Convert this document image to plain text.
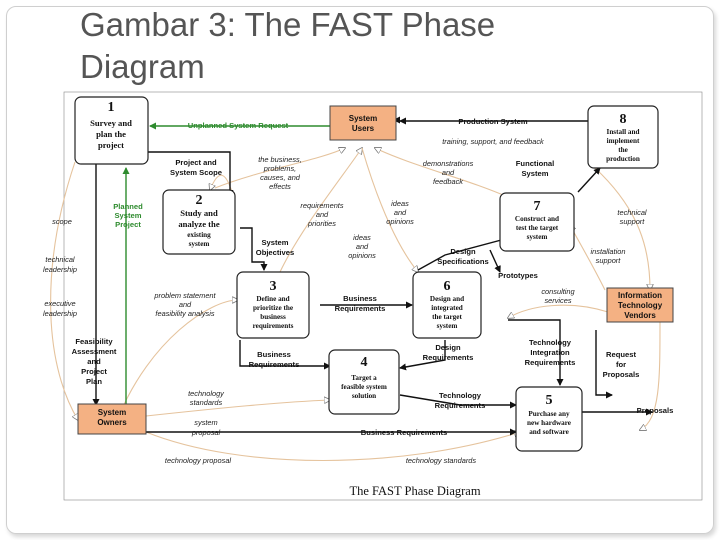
Gambar 3: The FAST Phase
Diagram
System
Users
System
Owners
Information
Technology
Vendors
1
Survey and
plan the
project
2
Study and
analyze the
existing
system
3
Define and
prioritize the
business
requirements
4
Target a
feasible system
solution	5
Purchase any
new hardware
and software
6
Design and
integrated
the target
system
7
Construct and
test the target
system
8
Install and
implement
the
production
Unplanned System Request	Production System
training, support, and feedback
Project and
System Scope
the business,
problems,
causes, and
effects
demonstrations
and
feedback
Functional
System
Planned
System
Project
scope
requirements
and
priorities
ideas
and
opinions
technical
support
ideas
and
opinions
technical
leadership
System
Objectives	Design
Specifications
installation
support
Prototypes
executive
leadership
problem statement
and
feasibility analysis
Business
Requirements
consulting
services
Feasibility
Assessment
and
Project
Plan
Technology
Integration
Requirements
Business
Requirements
Design
Requirements	Request
for
Proposals
technology
standards
Technology
Requirements
system
proposal
Proposals
Business Requirements
technology proposal	technology standards
The FAST Phase Diagram
